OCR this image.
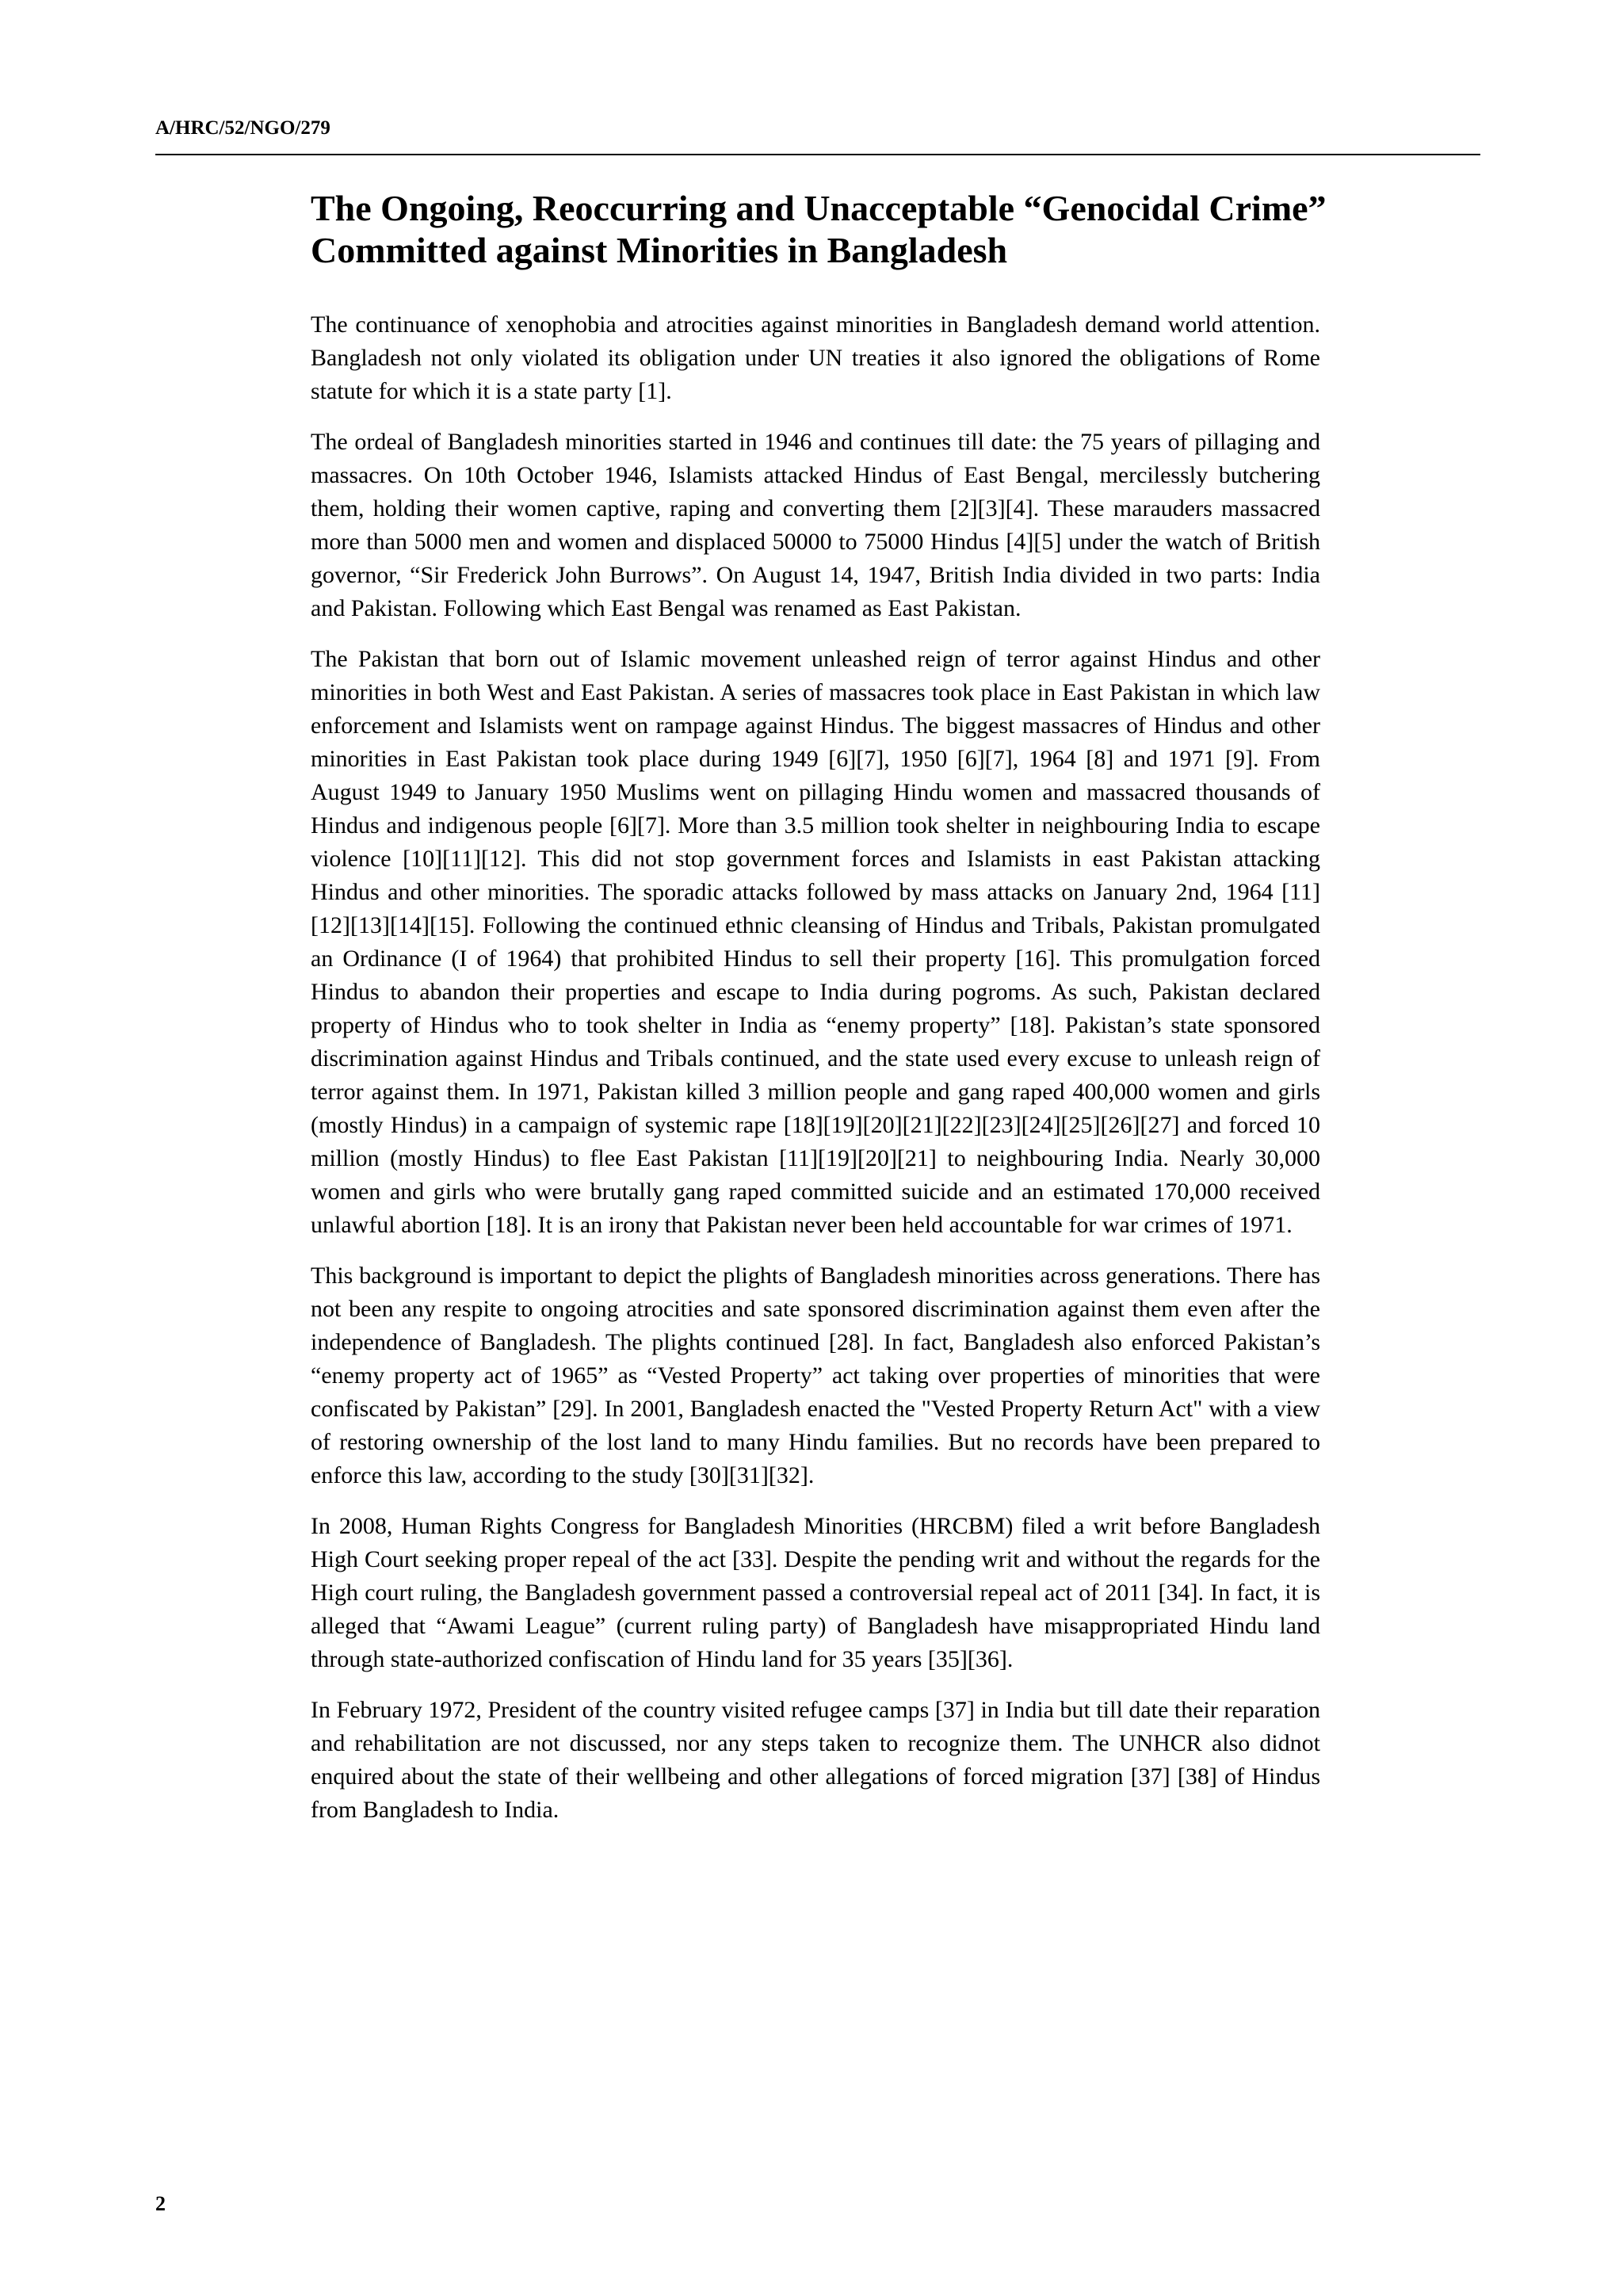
A/HRC/52/NGO/279
The Ongoing, Reoccurring and Unacceptable “Genocidal Crime” Committed against Minorities in Bangladesh

The continuance of xenophobia and atrocities against minorities in Bangladesh demand world attention. Bangladesh not only violated its obligation under UN treaties it also ignored the obligations of Rome statute for which it is a state party [1].

The ordeal of Bangladesh minorities started in 1946 and continues till date: the 75 years of pillaging and massacres. On 10th October 1946, Islamists attacked Hindus of East Bengal, mercilessly butchering them, holding their women captive, raping and converting them [2][3][4]. These marauders massacred more than 5000 men and women and displaced 50000 to 75000 Hindus [4][5] under the watch of British governor, “Sir Frederick John Burrows”. On August 14, 1947, British India divided in two parts: India and Pakistan. Following which East Bengal was renamed as East Pakistan.

The Pakistan that born out of Islamic movement unleashed reign of terror against Hindus and other minorities in both West and East Pakistan. A series of massacres took place in East Pakistan in which law enforcement and Islamists went on rampage against Hindus. The biggest massacres of Hindus and other minorities in East Pakistan took place during 1949 [6][7], 1950 [6][7], 1964 [8] and 1971 [9]. From August 1949 to January 1950 Muslims went on pillaging Hindu women and massacred thousands of Hindus and indigenous people [6][7]. More than 3.5 million took shelter in neighbouring India to escape violence [10][11][12]. This did not stop government forces and Islamists in east Pakistan attacking Hindus and other minorities. The sporadic attacks followed by mass attacks on January 2nd, 1964 [11][12][13][14][15]. Following the continued ethnic cleansing of Hindus and Tribals, Pakistan promulgated an Ordinance (I of 1964) that prohibited Hindus to sell their property [16]. This promulgation forced Hindus to abandon their properties and escape to India during pogroms. As such, Pakistan declared property of Hindus who to took shelter in India as “enemy property” [18]. Pakistan’s state sponsored discrimination against Hindus and Tribals continued, and the state used every excuse to unleash reign of terror against them. In 1971, Pakistan killed 3 million people and gang raped 400,000 women and girls (mostly Hindus) in a campaign of systemic rape [18][19][20][21][22][23][24][25][26][27] and forced 10 million (mostly Hindus) to flee East Pakistan [11][19][20][21] to neighbouring India. Nearly 30,000 women and girls who were brutally gang raped committed suicide and an estimated 170,000 received unlawful abortion [18]. It is an irony that Pakistan never been held accountable for war crimes of 1971.

This background is important to depict the plights of Bangladesh minorities across generations. There has not been any respite to ongoing atrocities and sate sponsored discrimination against them even after the independence of Bangladesh. The plights continued [28]. In fact, Bangladesh also enforced Pakistan’s “enemy property act of 1965” as “Vested Property” act taking over properties of minorities that were confiscated by Pakistan” [29]. In 2001, Bangladesh enacted the "Vested Property Return Act" with a view of restoring ownership of the lost land to many Hindu families. But no records have been prepared to enforce this law, according to the study [30][31][32].

In 2008, Human Rights Congress for Bangladesh Minorities (HRCBM) filed a writ before Bangladesh High Court seeking proper repeal of the act [33]. Despite the pending writ and without the regards for the High court ruling, the Bangladesh government passed a controversial repeal act of 2011 [34]. In fact, it is alleged that “Awami League” (current ruling party) of Bangladesh have misappropriated Hindu land through state-authorized confiscation of Hindu land for 35 years [35][36].

In February 1972, President of the country visited refugee camps [37] in India but till date their reparation and rehabilitation are not discussed, nor any steps taken to recognize them. The UNHCR also didnot enquired about the state of their wellbeing and other allegations of forced migration [37] [38] of Hindus from Bangladesh to India.

2
